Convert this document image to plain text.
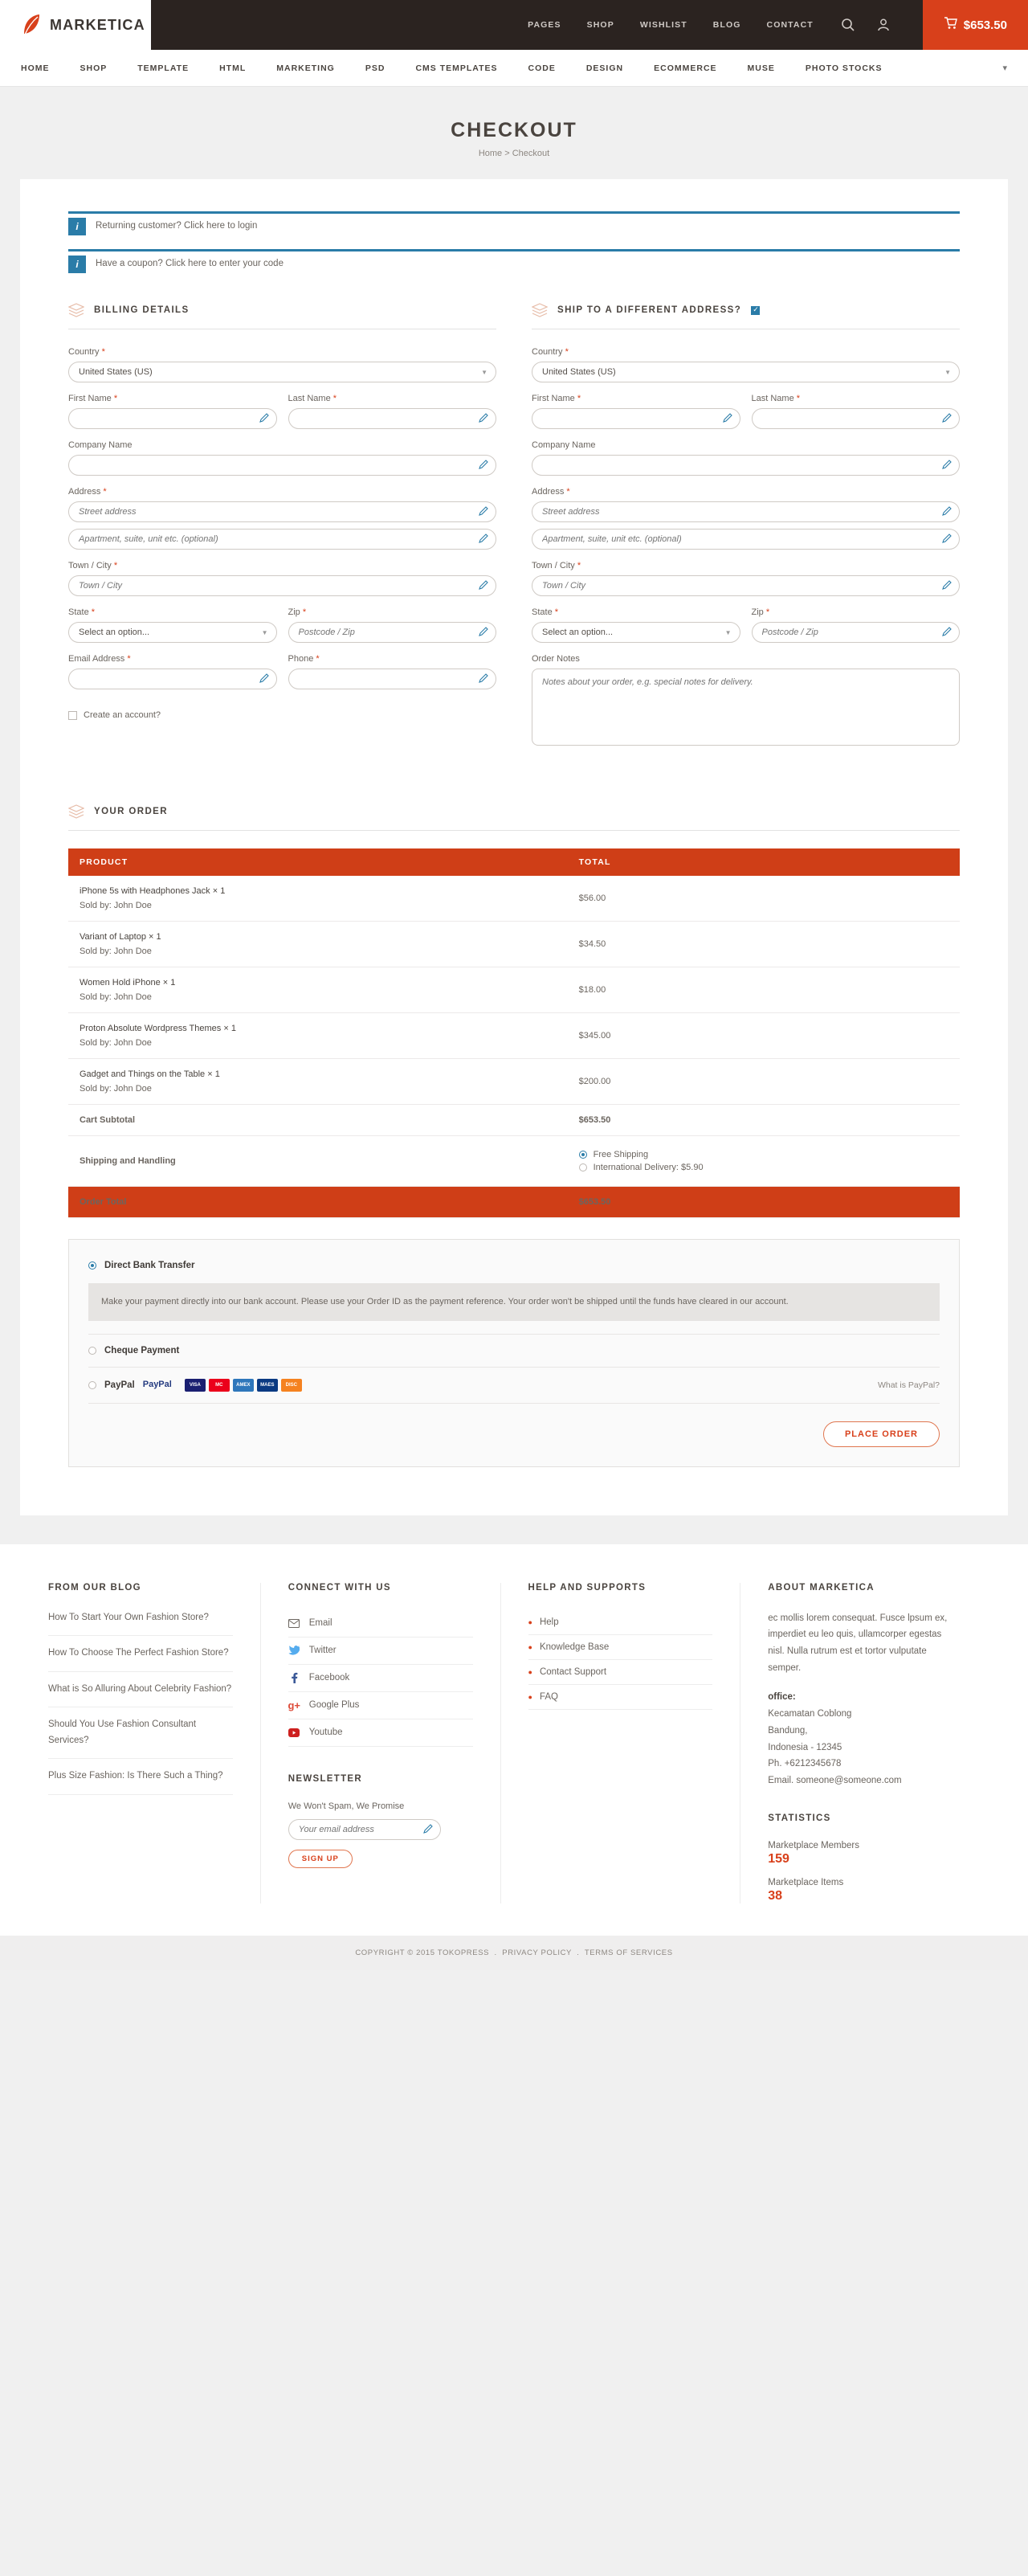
MARKETICA	PAGES	SHOP	WISHLIST	BLOG	CONTACT	$653.50
HOME	SHOP	TEMPLATE	HTML	MARKETING	PSD	CMS TEMPLATES	CODE	DESIGN	ECOMMERCE	MUSE	PHOTO STOCKS	▾
CHECKOUT
Home > Checkout
i	Returning customer? Click here to login
i	Have a coupon? Click here to enter your code
BILLING DETAILS
Country *
United States (US)
▼
First Name *	Last Name *
Company Name
Address *
Street address
Apartment, suite, unit etc. (optional)
Town / City *
Town / City
State *
Select an option...
▼
Zip *
Postcode / Zip
Email Address *	Phone *
Create an account?
SHIP TO A DIFFERENT ADDRESS?
✓
Country *
United States (US)
▼
First Name *	Last Name *
Company Name
Address *
Street address
Apartment, suite, unit etc. (optional)
Town / City *
Town / City
State *
Select an option...
▼
Zip *
Postcode / Zip
Order Notes
Notes about your order, e.g. special notes for delivery.
YOUR ORDER
PRODUCT	TOTAL

iPhone 5s with Headphones Jack × 1
Sold by: John Doe	$56.00

Variant of Laptop × 1
Sold by: John Doe	$34.50

Women Hold iPhone × 1
Sold by: John Doe	$18.00

Proton Absolute Wordpress Themes × 1
Sold by: John Doe	$345.00

Gadget and Things on the Table × 1
Sold by: John Doe	$200.00
Cart Subtotal	$653.50
Shipping and Handling	Free Shipping
International Delivery: $5.90

Order Total	$653.50
Direct Bank Transfer
Make your payment directly into our bank account. Please use your Order ID as the payment reference. Your order won't be shipped until the funds have cleared in our account.
Cheque Payment
PayPal PayPal	VISA	MC	AMEX	MAES	DISC	What is PayPal?
PLACE ORDER
FROM OUR BLOG
How To Start Your Own Fashion Store?
How To Choose The Perfect Fashion Store?
What is So Alluring About Celebrity Fashion?
Should You Use Fashion Consultant Services?
Plus Size Fashion: Is There Such a Thing?
CONNECT WITH US
Email
Twitter
Facebook
g+ Google Plus
Youtube
NEWSLETTER
We Won't Spam, We Promise
Your email address
SIGN UP
HELP AND SUPPORTS
● Help
● Knowledge Base
● Contact Support
● FAQ
ABOUT MARKETICA
ec mollis lorem consequat. Fusce lpsum ex, imperdiet eu leo quis, ullamcorper egestas nisl. Nulla rutrum est et tortor vulputate semper.
office:
Kecamatan Coblong
Bandung,
Indonesia - 12345
Ph. +6212345678
Email. someone@someone.com
STATISTICS
Marketplace Members
159
Marketplace Items
38
COPYRIGHT © 2015 TOKOPRESS  .  PRIVACY POLICY  .  TERMS OF SERVICES
